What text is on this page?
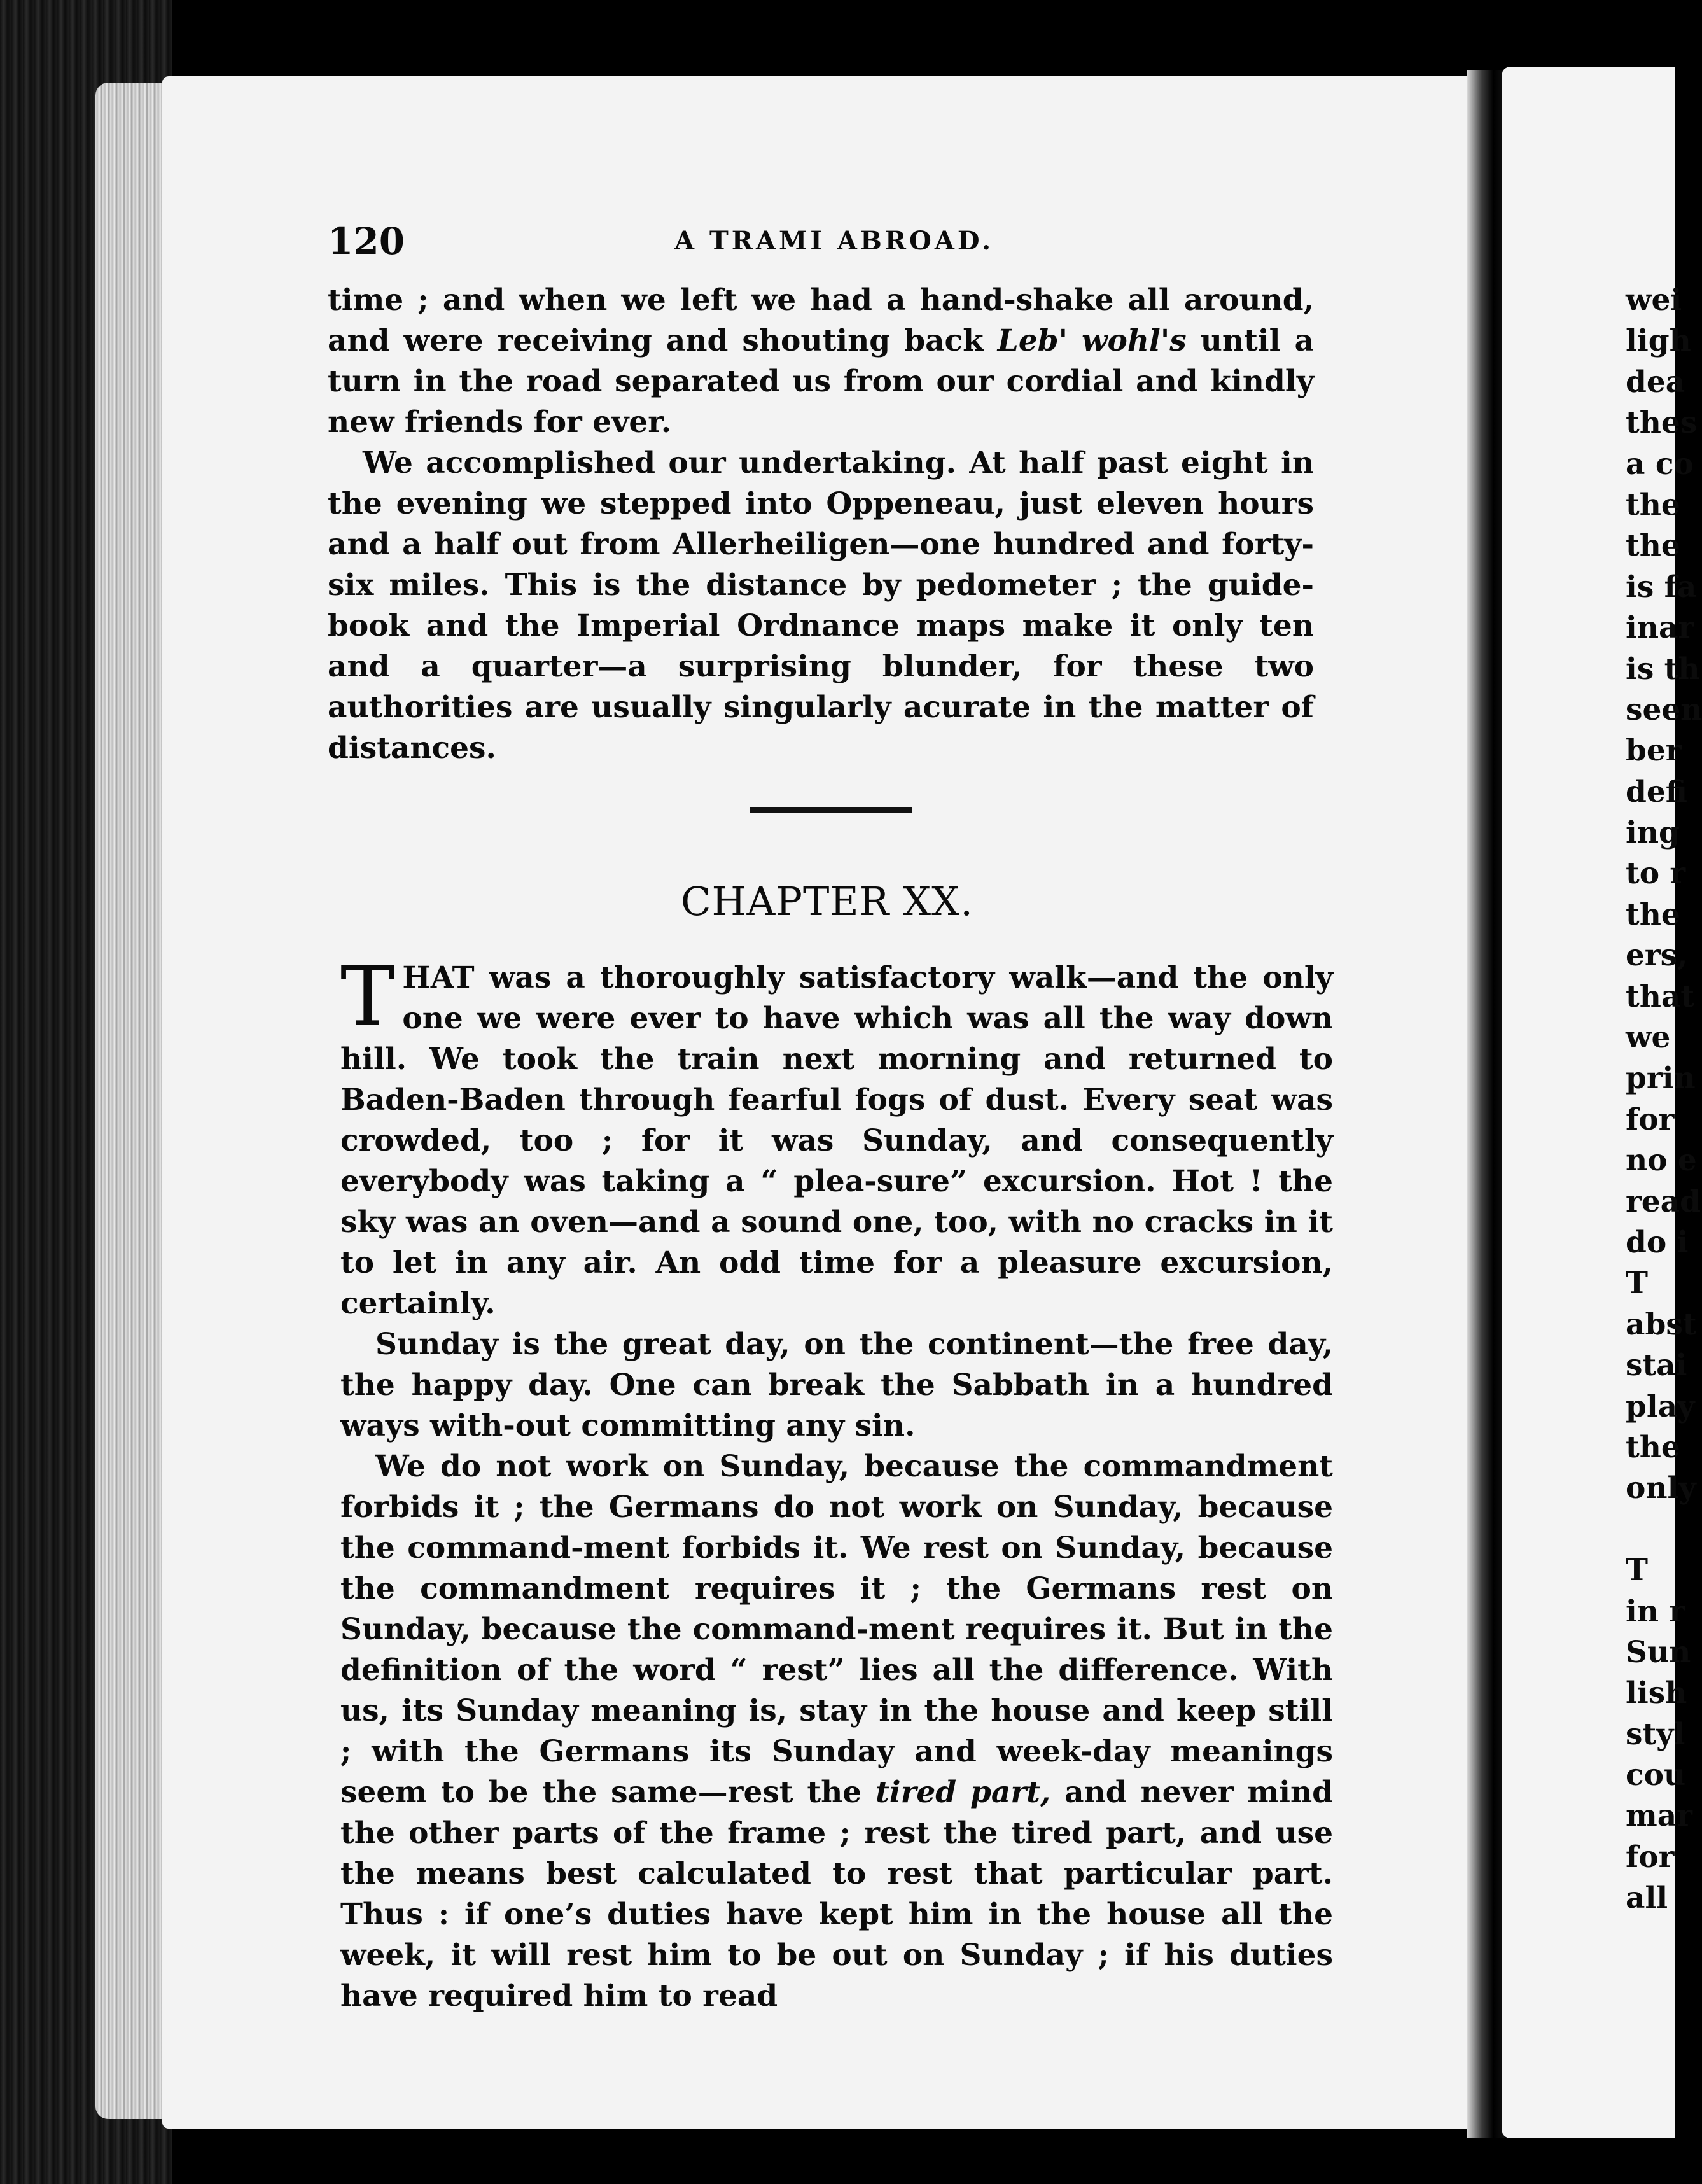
120	A TRAMI ABROAD.

time ; and when we left we had a hand-shake all around, and were receiving and shouting back Leb' wohl's until a turn in the road separated us from our cordial and kindly new friends for ever.

We accomplished our undertaking. At half past eight in the evening we stepped into Oppeneau, just eleven hours and a half out from Allerheiligen—one hundred and forty-six miles. This is the distance by pedometer ; the guide-book and the Imperial Ordnance maps make it only ten and a quarter—a surprising blunder, for these two authorities are usually singularly acurate in the matter of distances.

CHAPTER XX.

THAT was a thoroughly satisfactory walk—and the only one we were ever to have which was all the way down hill. We took the train next morning and returned to Baden-Baden through fearful fogs of dust. Every seat was crowded, too ; for it was Sunday, and consequently everybody was taking a “ plea-sure” excursion. Hot ! the sky was an oven—and a sound one, too, with no cracks in it to let in any air. An odd time for a pleasure excursion, certainly.

Sunday is the great day, on the continent—the free day, the happy day. One can break the Sabbath in a hundred ways with-out committing any sin.

We do not work on Sunday, because the commandment forbids it ; the Germans do not work on Sunday, because the command-ment forbids it. We rest on Sunday, because the commandment requires it ; the Germans rest on Sunday, because the command-ment requires it. But in the definition of the word “ rest” lies all the difference. With us, its Sunday meaning is, stay in the house and keep still ; with the Germans its Sunday and week-day meanings seem to be the same—rest the tired part, and never mind the other parts of the frame ; rest the tired part, and use the means best calculated to rest that particular part. Thus : if one’s duties have kept him in the house all the week, it will rest him to be out on Sunday ; if his duties have required him to read

wei
ligh
dea
thes
a co
the
the
is fa
inar
is th
seen
ber
defi
ing
to r
the
ers,
that
we
prin
for
no e
read
do i
T
abst
stai
play
the
only
T
in r
Sun
lish
styl
cou
mar
for
all
